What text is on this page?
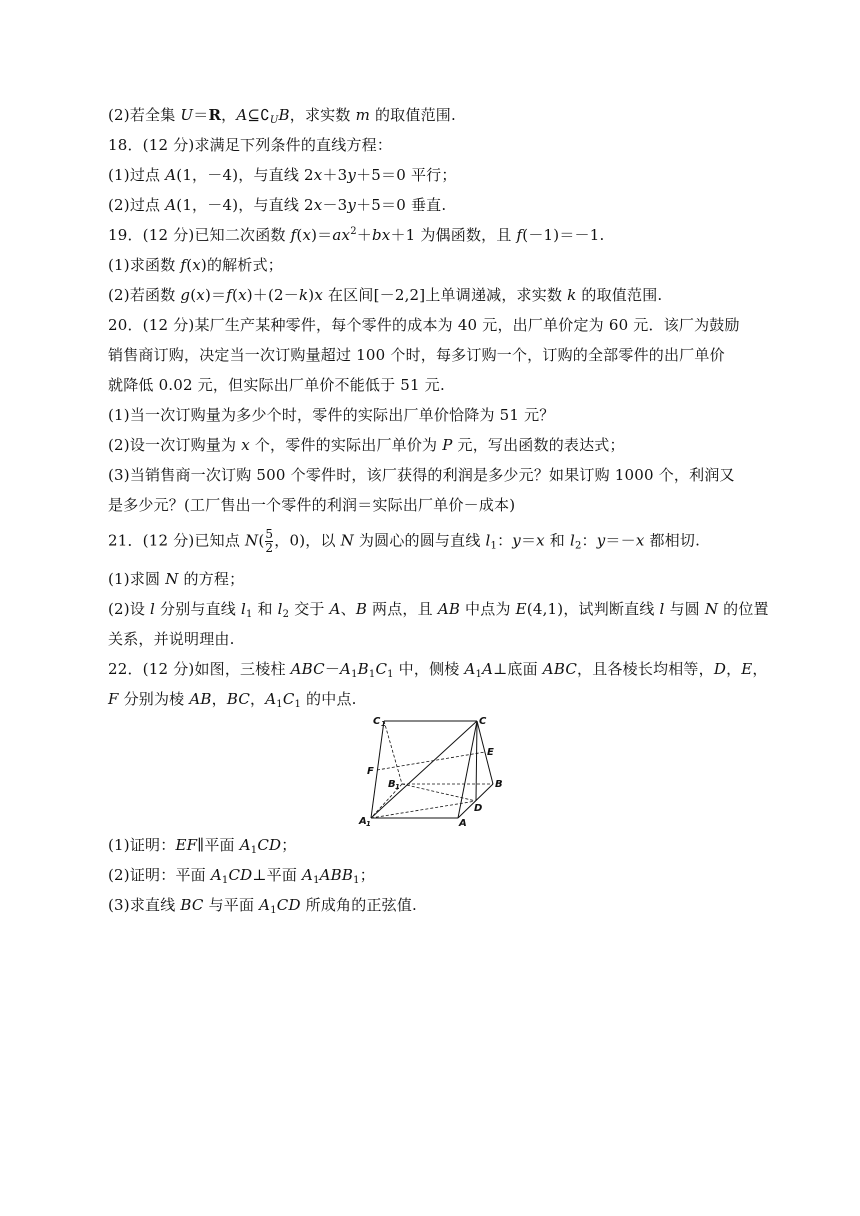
(2)若全集 U＝R，$A⊆∁_UB$，求实数 m 的取值范围.
18．(12 分)求满足下列条件的直线方程：
(1)过点 A(1，－4)，与直线 2x＋3y＋5＝0 平行；
(2)过点 A(1，－4)，与直线 2x－3y＋5＝0 垂直.
19．(12 分)已知二次函数 $f(x)=ax^2+bx+1$ 为偶函数，且 f(－1)＝－1.
(1)求函数 f(x)的解析式；
(2)若函数 g(x)＝f(x)＋(2－k)x 在区间[－2,2]上单调递减，求实数 k 的取值范围.
20．(12 分)某厂生产某种零件，每个零件的成本为 40 元，出厂单价定为 60 元．该厂为鼓励
销售商订购，决定当一次订购量超过 100 个时，每多订购一个，订购的全部零件的出厂单价
就降低 0.02 元，但实际出厂单价不能低于 51 元.
(1)当一次订购量为多少个时，零件的实际出厂单价恰降为 51 元？
(2)设一次订购量为 x 个，零件的实际出厂单价为 P 元，写出函数的表达式；
(3)当销售商一次订购 500 个零件时，该厂获得的利润是多少元？如果订购 1000 个，利润又
是多少元？(工厂售出一个零件的利润＝实际出厂单价－成本)
21．(12 分)已知点 $N( \frac{5}{2}$ ，0)，以 N 为圆心的圆与直线 $l_1$：y＝x 和 $l_2$：y＝－x 都相切.
(1)求圆 N 的方程；
(2)设 l 分别与直线 $l_1$ 和 $l_2$ 交于 A、B 两点，且 AB 中点为 E(4,1)，试判断直线 l 与圆 N 的位置
关系，并说明理由.
22．(12 分)如图，三棱柱 $ABC-A_1B_1C_1$ 中，侧棱 $A_1A\perp$底面 ABC，且各棱长均相等，D，E，
F 分别为棱 AB，BC，$A_1C_1$ 的中点.
C 1	C
E
F
B 1	B
D
A 1	A
(1)证明：EF∥平面 $A_1CD$；
(2)证明：平面 $A_1CD\perp$平面 $A_1ABB_1$；
(3)求直线 BC 与平面 $A_1CD$ 所成角的正弦值.
